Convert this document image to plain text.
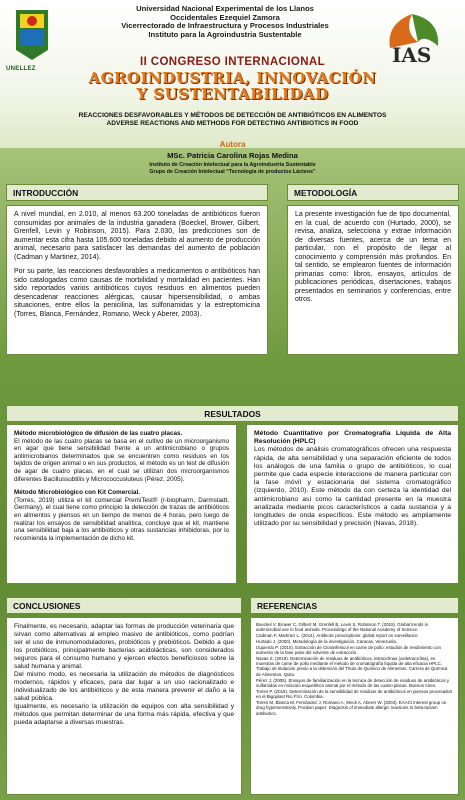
UNELLEZ
Universidad Nacional Experimental de los Llanos
Occidentales Ezequiel Zamora
Vicerrectorado de Infraestructura y Procesos Industriales
Instituto para la Agroindustria Sustentable
IAS
II CONGRESO INTERNACIONAL
AGROINDUSTRIA, INNOVACIÓN
Y SUSTENTABILIDAD
REACCIONES DESFAVORABLES Y MÉTODOS DE DETECCIÓN DE ANTIBIÓTICOS EN ALIMENTOS
ADVERSE REACTIONS AND METHODS FOR DETECTING ANTIBIOTICS IN FOOD
Autora
MSc. Patricia Carolina Rojas Medina
Instituto de Creación Intelectual para la Agroindustria Sustentable
Grupo de Creación Intelectual “Tecnología de productos Lácteos”
INTRODUCCIÓN

A nivel mundial, en 2.010, al menos 63.200 toneladas de antibióticos fueron consumidas por animales de la industria ganadera (Boeckel, Brower, Gilbert, Grenfell, Levin y Robinson, 2015). Para 2.030, las predicciones son de aumentar esta cifra hasta 105.600 toneladas debido al aumento de producción animal, necesario para satisfacer las demandas del aumento de población (Cadman y Martinez, 2014).

Por su parte, las reacciones desfavorables a medicamentos o antibióticos han sido catalogadas como causas de morbilidad y mortalidad en pacientes. Han sido reportados varios antibióticos cuyos residuos en alimentos pueden desencadenar reacciones alérgicas, causar hipersensibilidad, o ambas situaciones, entre ellos la penicilina, las sulfonamidas y la estreptomicina (Torres, Blanca, Fernández, Romano, Weck y Aberer, 2003).

METODOLOGÍA

La presente investigación fue de tipo documental, en la cual, de acuerdo con (Hurtado, 2000), se revisa, analiza, selecciona y extrae información de diversas fuentes, acerca de un tema en particular, con el propósito de llegar al conocimiento y comprensión más profundos. En tal sentido, se emplearon fuentes de información primarias como: libros, ensayos, artículos de publicaciones periódicas, disertaciones, trabajos presentados en seminarios y conferencias, entre otros.

RESULTADOS

Método microbiológico de difusión de las cuatro placas.

El método de las cuatro placas se basa en el cultivo de un microorganismo en agar que tiene sensibilidad frente a un antimicrobiano o grupos antimicrobianos determinados que se encuentren como residuos en los tejidos de origen animal o en sus productos, el método es un test de difusión de agar de cuatro placas, en el cual se utilizan dos microorganismos diferentes Bacillussubtilis y Micrococcusluteus (Pérez, 2005).

Método Microbiológico con Kit Comercial.

(Torres, 2019) utiliza el kit comercial PremiTest® (r-biopharm, Darmstadt, Germany), el cual tiene como principio la detección de trazas de antibióticos en alimentos y piensos en un tiempo de menos de 4 horas, pero luego de realizar los ensayos de sensibilidad analítica, concluye que el kit, mantiene una sensibilidad baja a los antibióticos y otras sustancias inhibidoras, por lo recomienda la implementación de dicho kit.

Método Cuantitativo por Cromatografía Líquida de Alta Resolución (HPLC)

Los métodos de análisis cromatográficos ofrecen una respuesta rápida, de alta sensibilidad y una separación eficiente de todos los análogos de una familia o grupo de antibióticos, lo cual permite que cada especie interaccione de manera particular con la fase móvil y estacionaria del sistema cromatográfico (Izquierdo, 2010). Este método da con certeza la identidad del antimicrobiano así como la cantidad presente en la muestra analizada mediante picos característicos a cada sustancia y a longitudes de onda específicos. Este método es ampliamente utilizado por su sensibilidad y precisión (Navas, 2018).

CONCLUSIONES

Finalmente, es necesario, adaptar las formas de producción veterinaria que sirvan como alternativas al empleo masivo de antibióticos, como podrían ser el uso de inmunomoduladores, probióticos y prebióticos. Debido a que los probióticos, principalmente bacterias acidolácticas, son considerados seguros para el consumo humano y ejercen efectos beneficiosos sobre la salud humana y animal.

Del mismo modo, es necesaria la utilización de métodos de diagnósticos modernos, rápidos y eficaces, para dar lugar a un uso racionalizado e individualizado de los antibióticos y de esta manera prevenir el daño a la salud pública.

Igualmente, es necesario la utilización de equipos con alta sensibilidad y métodos que permitan determinar de una forma más rápida, efectiva y que pueda adaptarse a diversas muestras.

REFERENCIAS
Boeckel V. Brower C, Gilbert M, Grenfell B, Levin S, Robinson T. (2015). Global trends in antimicrobial use in food animals. Proceedings of the National Academy of Science.
Cadman F, Martinez L. (2014). Antibiotic prescriptions: global report on surveillance.
Hurtado J. (2000). Metodología de la investigación. Caracas, Venezuela.
Izquierdo P. (2010). Extracción de Cloranfenicol en carne de pollo: estudios de rendimiento con aumento de la fase polar del solvente de extracción.
Navas S. (2018). Determinación de residuos de antibióticos, tetraciclinas (oxitetraciclina), en muestras de carne de pollo mediante el método de cromatografía líquida de alta eficacia HPLC. Trabajo de titulación previo a la obtención del Título de Químico de Alimentos. Carrera de Química de Alimentos. Quito.
Pérez J. (2005). Ensayos de familiarización en la técnica de detección de residuos de antibióticos y sulfamidas en músculo esquelético animal por el método de las cuatro placas. Buenos Aires.
Torres P. (2019). Determinación de la sensibilidad de residuos de antibióticos en piensos procesados en el Bigoplast Rio Frío. Colombia.
Torres M, Blanca M, Fernández J, Romano A, Weck A, Aberer W. (2003). EAACI interest group on drug hypersensitivity. Position paper: Diagnosis of immediate allergic reactions to beta-lactam antibiotics.
